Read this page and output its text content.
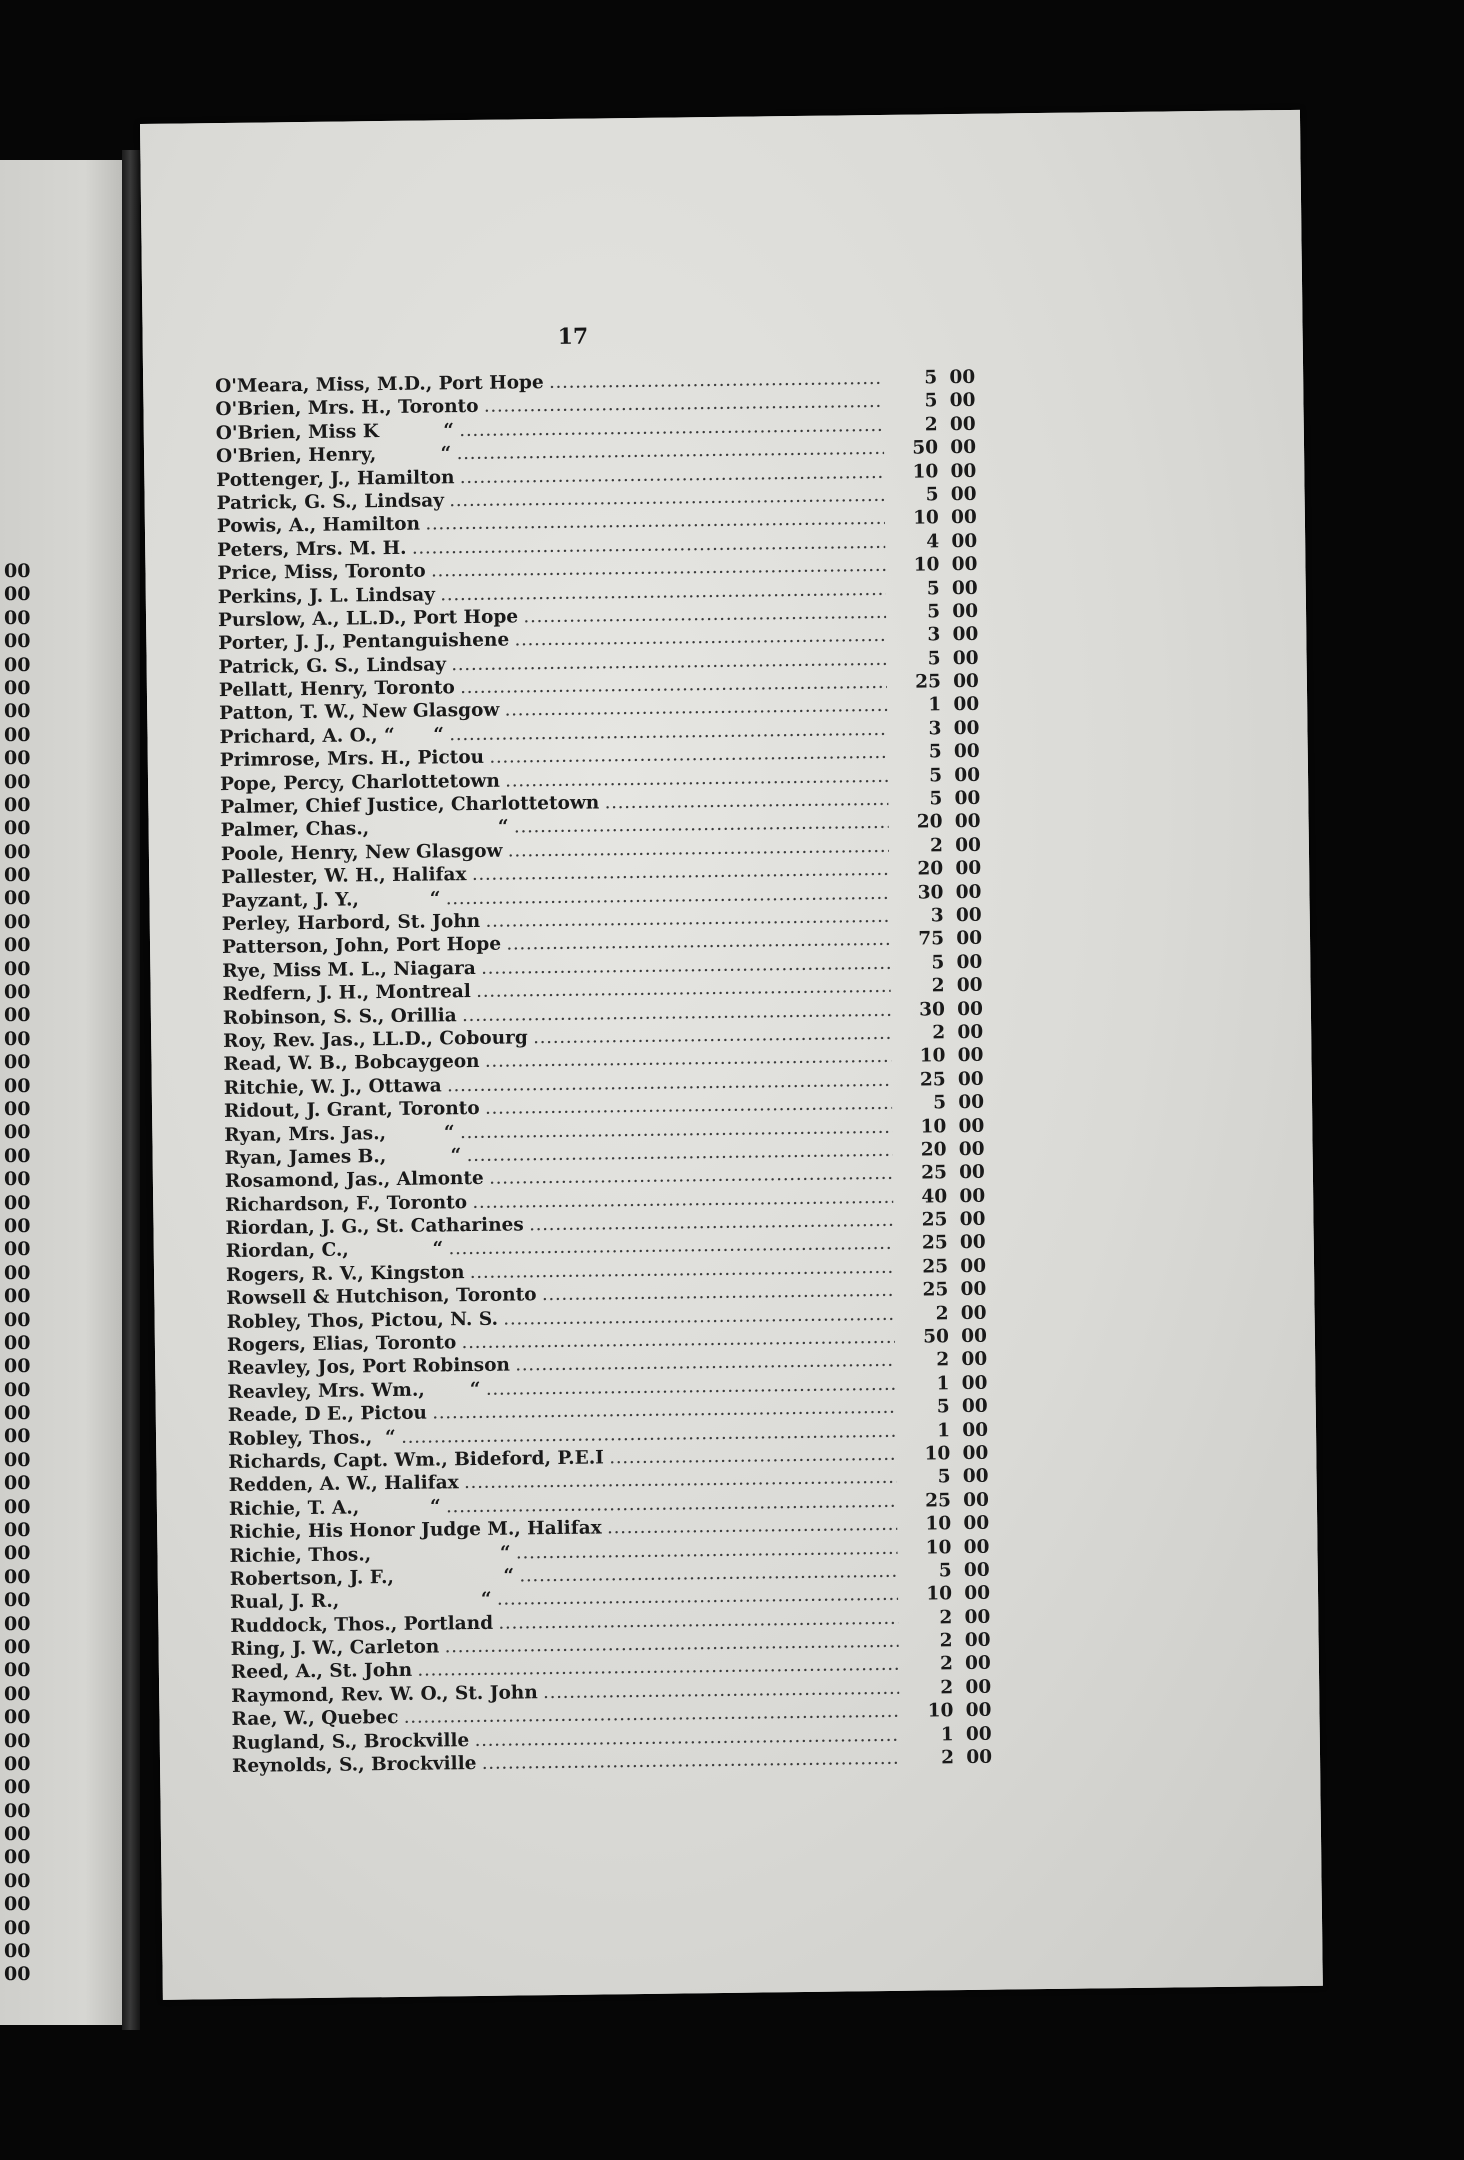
00
00
00
00
00
00
00
00
00
00
00
00
00
00
00
00
00
00
00
00
00
00
00
00
00
00
00
00
00
00
00
00
00
00
00
00
00
00
00
00
00
00
00
00
00
00
00
00
00
00
00
00
00
00
00
00
00
00
00
00
00
17
O'Meara, Miss, M.D., Port Hope .....	5 00
O'Brien, Mrs. H., Toronto .....	5 00
O'Brien, Miss K          “ .....	2 00
O'Brien, Henry,          “ .....	50 00
Pottenger, J., Hamilton .....	10 00
Patrick, G. S., Lindsay .....	5 00
Powis, A., Hamilton .....	10 00
Peters, Mrs. M. H. .....	4 00
Price, Miss, Toronto .....	10 00
Perkins, J. L. Lindsay .....	5 00
Purslow, A., LL.D., Port Hope .....	5 00
Porter, J. J., Pentanguishene .....	3 00
Patrick, G. S., Lindsay .....	5 00
Pellatt, Henry, Toronto .....	25 00
Patton, T. W., New Glasgow .....	1 00
Prichard, A. O., “      “ .....	3 00
Primrose, Mrs. H., Pictou .....	5 00
Pope, Percy, Charlottetown .....	5 00
Palmer, Chief Justice, Charlottetown .....	5 00
Palmer, Chas.,                    “ .....	20 00
Poole, Henry, New Glasgow .....	2 00
Pallester, W. H., Halifax .....	20 00
Payzant, J. Y.,           “ .....	30 00
Perley, Harbord, St. John .....	3 00
Patterson, John, Port Hope .....	75 00
Rye, Miss M. L., Niagara .....	5 00
Redfern, J. H., Montreal .....	2 00
Robinson, S. S., Orillia .....	30 00
Roy, Rev. Jas., LL.D., Cobourg .....	2 00
Read, W. B., Bobcaygeon .....	10 00
Ritchie, W. J., Ottawa .....	25 00
Ridout, J. Grant, Toronto .....	5 00
Ryan, Mrs. Jas.,         “ .....	10 00
Ryan, James B.,          “ .....	20 00
Rosamond, Jas., Almonte .....	25 00
Richardson, F., Toronto .....	40 00
Riordan, J. G., St. Catharines .....	25 00
Riordan, C.,             “ .....	25 00
Rogers, R. V., Kingston .....	25 00
Rowsell & Hutchison, Toronto .....	25 00
Robley, Thos, Pictou, N. S. .....	2 00
Rogers, Elias, Toronto .....	50 00
Reavley, Jos, Port Robinson .....	2 00
Reavley, Mrs. Wm.,       “ .....	1 00
Reade, D E., Pictou .....	5 00
Robley, Thos.,  “ .....	1 00
Richards, Capt. Wm., Bideford, P.E.I .....	10 00
Redden, A. W., Halifax .....	5 00
Richie, T. A.,           “ .....	25 00
Richie, His Honor Judge M., Halifax .....	10 00
Richie, Thos.,                    “ .....	10 00
Robertson, J. F.,                 “ .....	5 00
Rual, J. R.,                      “ .....	10 00
Ruddock, Thos., Portland .....	2 00
Ring, J. W., Carleton .....	2 00
Reed, A., St. John .....	2 00
Raymond, Rev. W. O., St. John .....	2 00
Rae, W., Quebec .....	10 00
Rugland, S., Brockville .....	1 00
Reynolds, S., Brockville .....	2 00
